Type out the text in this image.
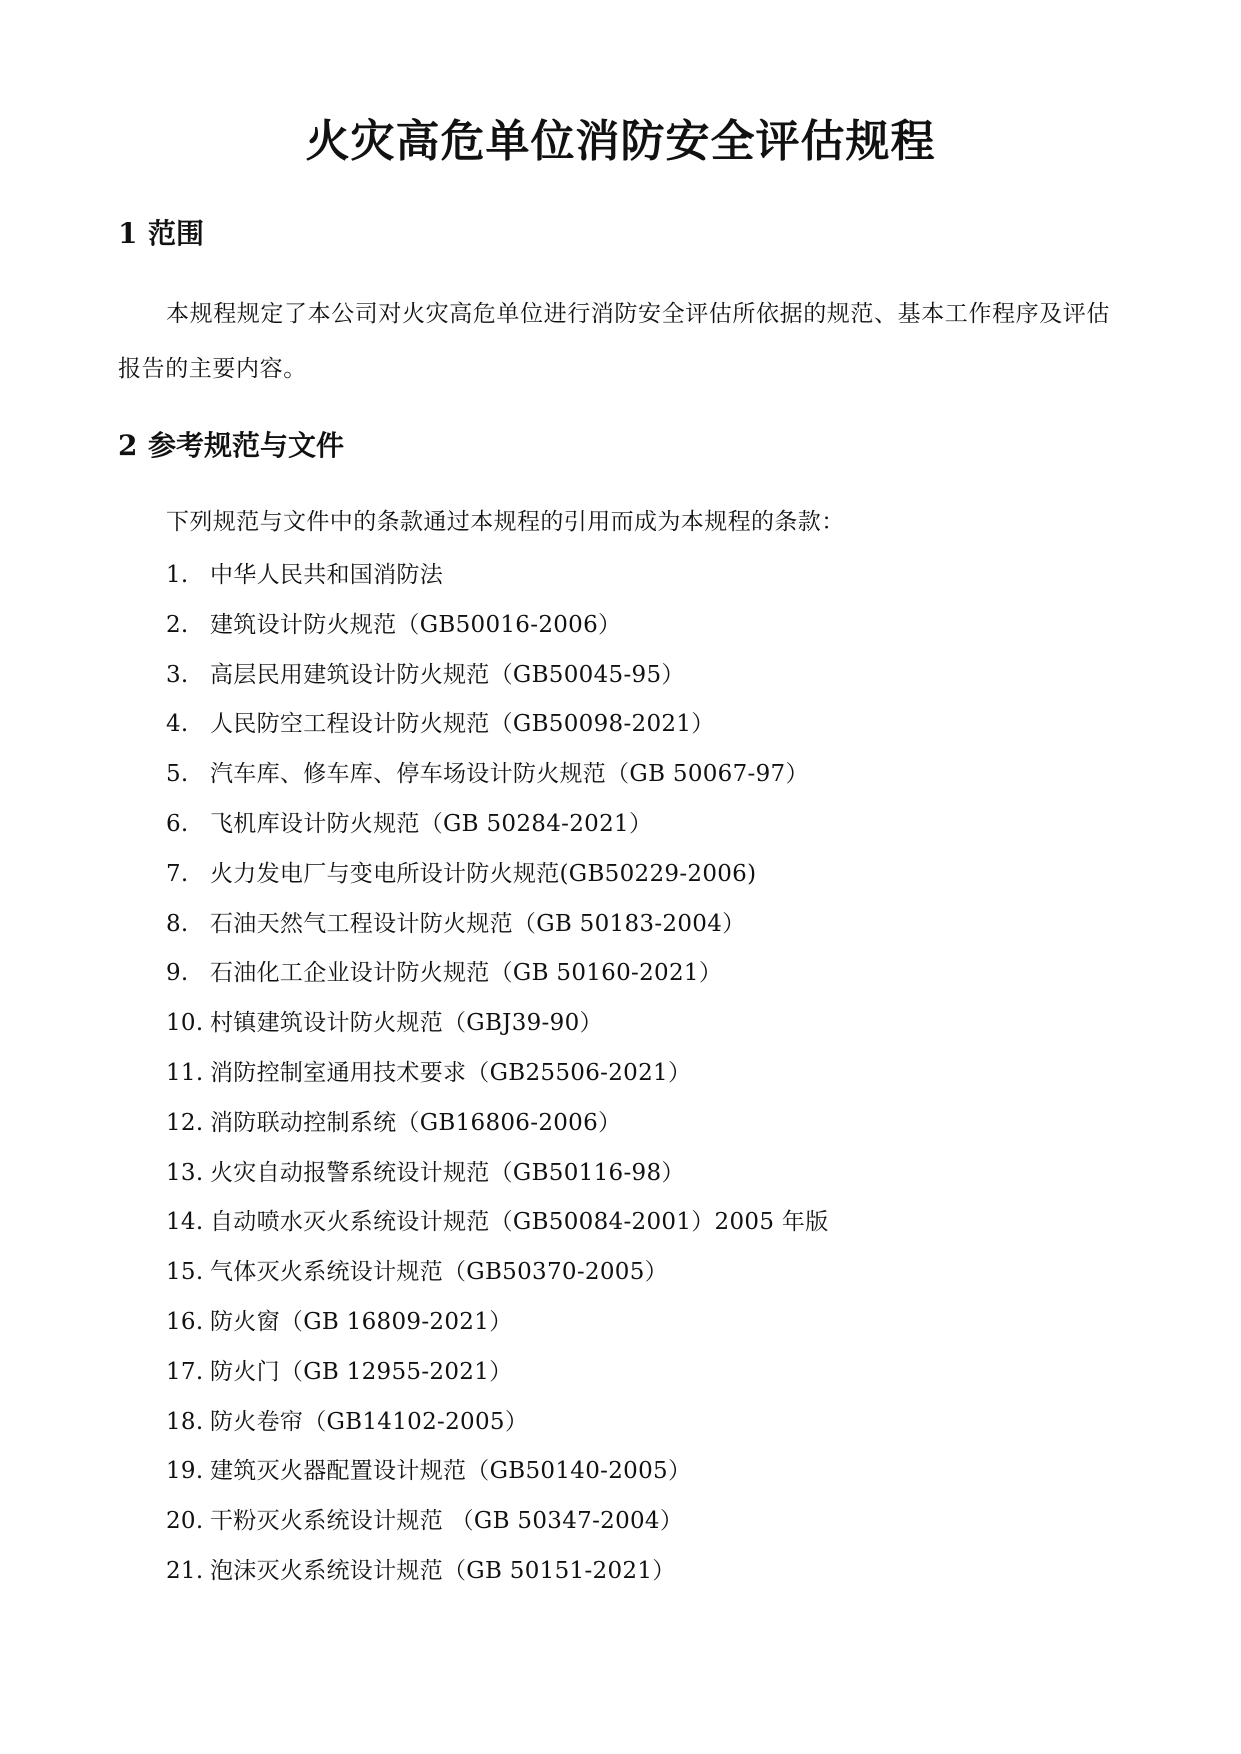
火灾高危单位消防安全评估规程
1 范围

本规程规定了本公司对火灾高危单位进行消防安全评估所依据的规范、基本工作程序及评估报告的主要内容。

2 参考规范与文件

下列规范与文件中的条款通过本规程的引用而成为本规程的条款：

1. 中华人民共和国消防法
2. 建筑设计防火规范（GB50016-2006）
3. 高层民用建筑设计防火规范（GB50045-95）
4. 人民防空工程设计防火规范（GB50098-2021）
5. 汽车库、修车库、停车场设计防火规范（GB 50067-97）
6. 飞机库设计防火规范（GB 50284-2021）
7. 火力发电厂与变电所设计防火规范(GB50229-2006)
8. 石油天然气工程设计防火规范（GB 50183-2004）
9. 石油化工企业设计防火规范（GB 50160-2021）
10. 村镇建筑设计防火规范（GBJ39-90）
11. 消防控制室通用技术要求（GB25506-2021）
12. 消防联动控制系统（GB16806-2006）
13. 火灾自动报警系统设计规范（GB50116-98）
14. 自动喷水灭火系统设计规范（GB50084-2001）2005 年版
15. 气体灭火系统设计规范（GB50370-2005）
16. 防火窗（GB 16809-2021）
17. 防火门（GB 12955-2021）
18. 防火卷帘（GB14102-2005）
19. 建筑灭火器配置设计规范（GB50140-2005）
20. 干粉灭火系统设计规范 （GB 50347-2004）
21. 泡沫灭火系统设计规范（GB 50151-2021）
